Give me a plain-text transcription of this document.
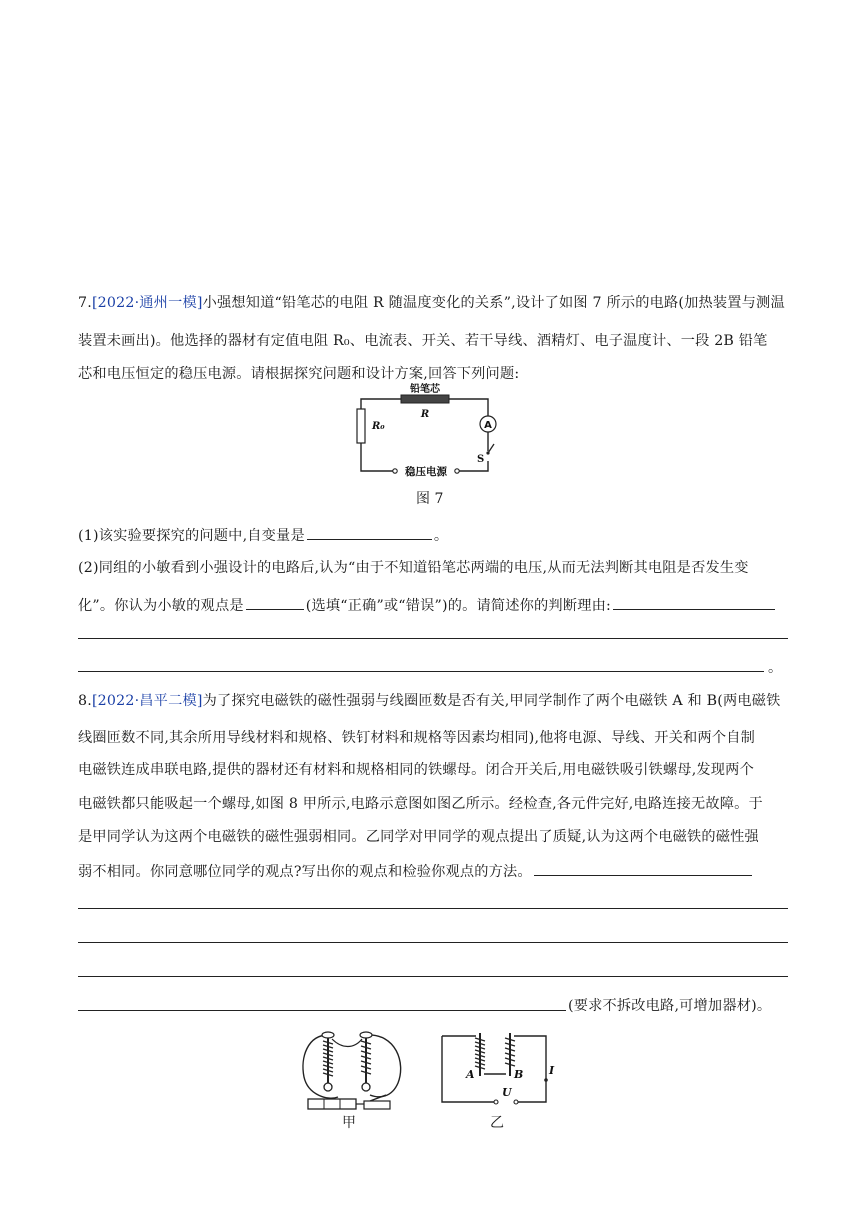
7.[2022·通州一模]小强想知道“铅笔芯的电阻 R 随温度变化的关系”,设计了如图 7 所示的电路(加热装置与测温
装置未画出)。他选择的器材有定值电阻 R₀、电流表、开关、若干导线、酒精灯、电子温度计、一段 2B 铅笔
芯和电压恒定的稳压电源。请根据探究问题和设计方案,回答下列问题:
铅笔芯
R
R₀	A
S
稳压电源
图 7
(1)该实验要探究的问题中,自变量是	。
(2)同组的小敏看到小强设计的电路后,认为“由于不知道铅笔芯两端的电压,从而无法判断其电阻是否发生变
化”。你认为小敏的观点是	(选填“正确”或“错误”)的。请简述你的判断理由:
。
8.[2022·昌平二模]为了探究电磁铁的磁性强弱与线圈匝数是否有关,甲同学制作了两个电磁铁 A 和 B(两电磁铁
线圈匝数不同,其余所用导线材料和规格、铁钉材料和规格等因素均相同),他将电源、导线、开关和两个自制
电磁铁连成串联电路,提供的器材还有材料和规格相同的铁螺母。闭合开关后,用电磁铁吸引铁螺母,发现两个
电磁铁都只能吸起一个螺母,如图 8 甲所示,电路示意图如图乙所示。经检查,各元件完好,电路连接无故障。于
是甲同学认为这两个电磁铁的磁性强弱相同。乙同学对甲同学的观点提出了质疑,认为这两个电磁铁的磁性强
弱不相同。你同意哪位同学的观点?写出你的观点和检验你观点的方法。
(要求不拆改电路,可增加器材)。
甲
A	B I
U
乙
